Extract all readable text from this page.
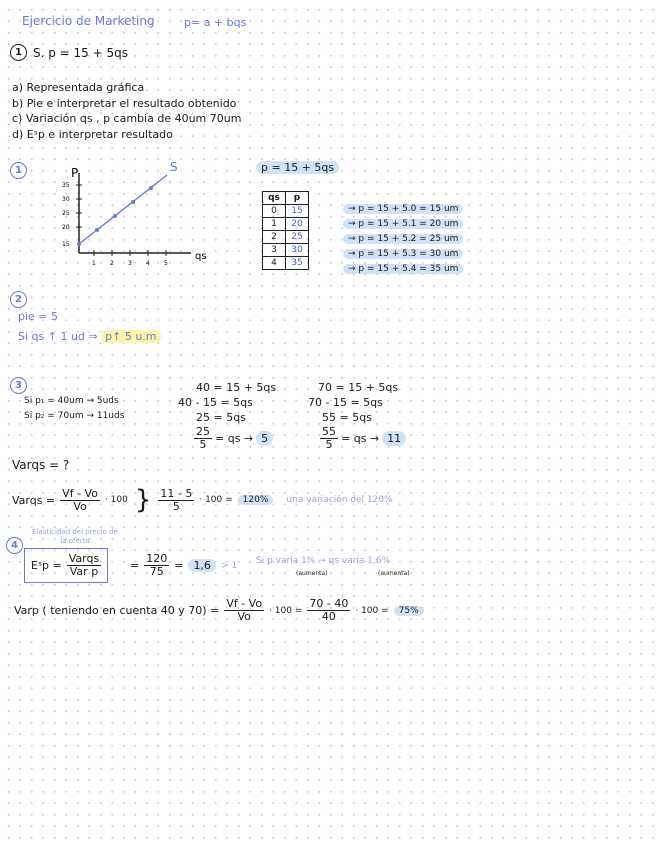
Ejercicio de Marketing	p= a + bqs
1 S. p = 15 + 5qs
a) Representada gráfica
b) Pie e interpretar el resultado obtenido
c) Variación qs , p cambia de 40um 70um
d) Eˢp e interpretar resultado
1	P
qs
S
35
30
25
20
15
1 2 3 4 5
p = 15 + 5qs
qs	p
0	15
1	20
2	25
3	30
4	35
→ p = 15 + 5.0 = 15 um
→ p = 15 + 5.1 = 20 um
→ p = 15 + 5.2 = 25 um
→ p = 15 + 5.3 = 30 um
→ p = 15 + 5.4 = 35 um
2
pie = 5
Si qs ↑ 1 ud ⇒ p↑ 5 u.m
3
Si p₁ = 40um → 5uds
Si p₂ = 70um → 11uds
40 = 15 + 5qs
40 - 15 = 5qs
25 = 5qs
$\frac{25}{5}$ = qs → 5
70 = 15 + 5qs
70 - 15 = 5qs
55 = 5qs
$\frac{55}{5}$ = qs → 11
Varqs = ?
Varqs = $\frac{Vf - Vo}{Vo} \cdot 100$ } $\frac{11 - 5}{5} \cdot 100$ =	120%	una variación del 120%
4
Elasticidad del precio de la oferta
Eˢp = $\frac{\text{Varqs}}{\text{Var p}}$	= $\frac{120}{75} = 1,6$	> 1 Si p varía 1% → qs varía 1,6%
(aumenta)	(aumenta)
Varp ( teniendo en cuenta 40 y $70) = \frac{Vf - Vo}{Vo} \cdot 100 = \frac{70 - 40}{40} \cdot 100$ =	75%
